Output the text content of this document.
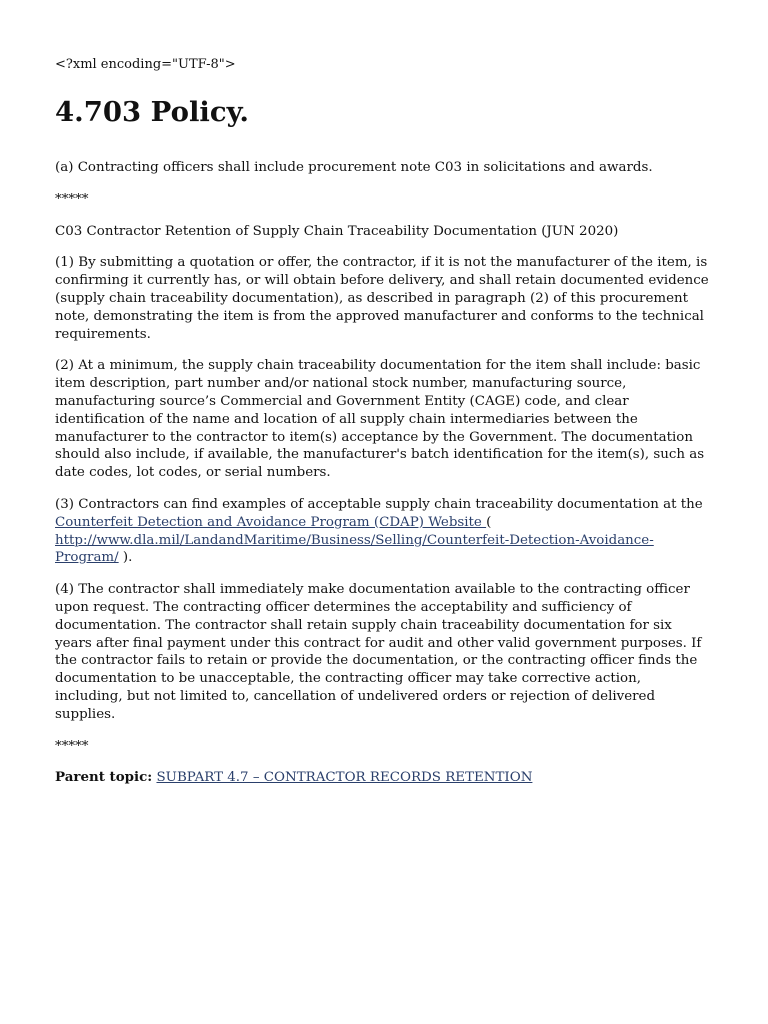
<?xml encoding="UTF-8">

4.703 Policy.

(a) Contracting officers shall include procurement note C03 in solicitations and awards.

*****

C03 Contractor Retention of Supply Chain Traceability Documentation (JUN 2020)

(1) By submitting a quotation or offer, the contractor, if it is not the manufacturer of the item, is confirming it currently has, or will obtain before delivery, and shall retain documented evidence (supply chain traceability documentation), as described in paragraph (2) of this procurement note, demonstrating the item is from the approved manufacturer and conforms to the technical requirements.

(2) At a minimum, the supply chain traceability documentation for the item shall include: basic item description, part number and/or national stock number, manufacturing source, manufacturing source’s Commercial and Government Entity (CAGE) code, and clear identification of the name and location of all supply chain intermediaries between the manufacturer to the contractor to item(s) acceptance by the Government. The documentation should also include, if available, the manufacturer's batch identification for the item(s), such as date codes, lot codes, or serial numbers.

(3) Contractors can find examples of acceptable supply chain traceability documentation at the Counterfeit Detection and Avoidance Program (CDAP) Website (
http://www.dla.mil/LandandMaritime/Business/Selling/Counterfeit-Detection-Avoidance-Program/ ).

(4) The contractor shall immediately make documentation available to the contracting officer upon request. The contracting officer determines the acceptability and sufficiency of documentation. The contractor shall retain supply chain traceability documentation for six years after final payment under this contract for audit and other valid government purposes. If the contractor fails to retain or provide the documentation, or the contracting officer finds the documentation to be unacceptable, the contracting officer may take corrective action, including, but not limited to, cancellation of undelivered orders or rejection of delivered supplies.

*****

Parent topic: SUBPART 4.7 – CONTRACTOR RECORDS RETENTION
